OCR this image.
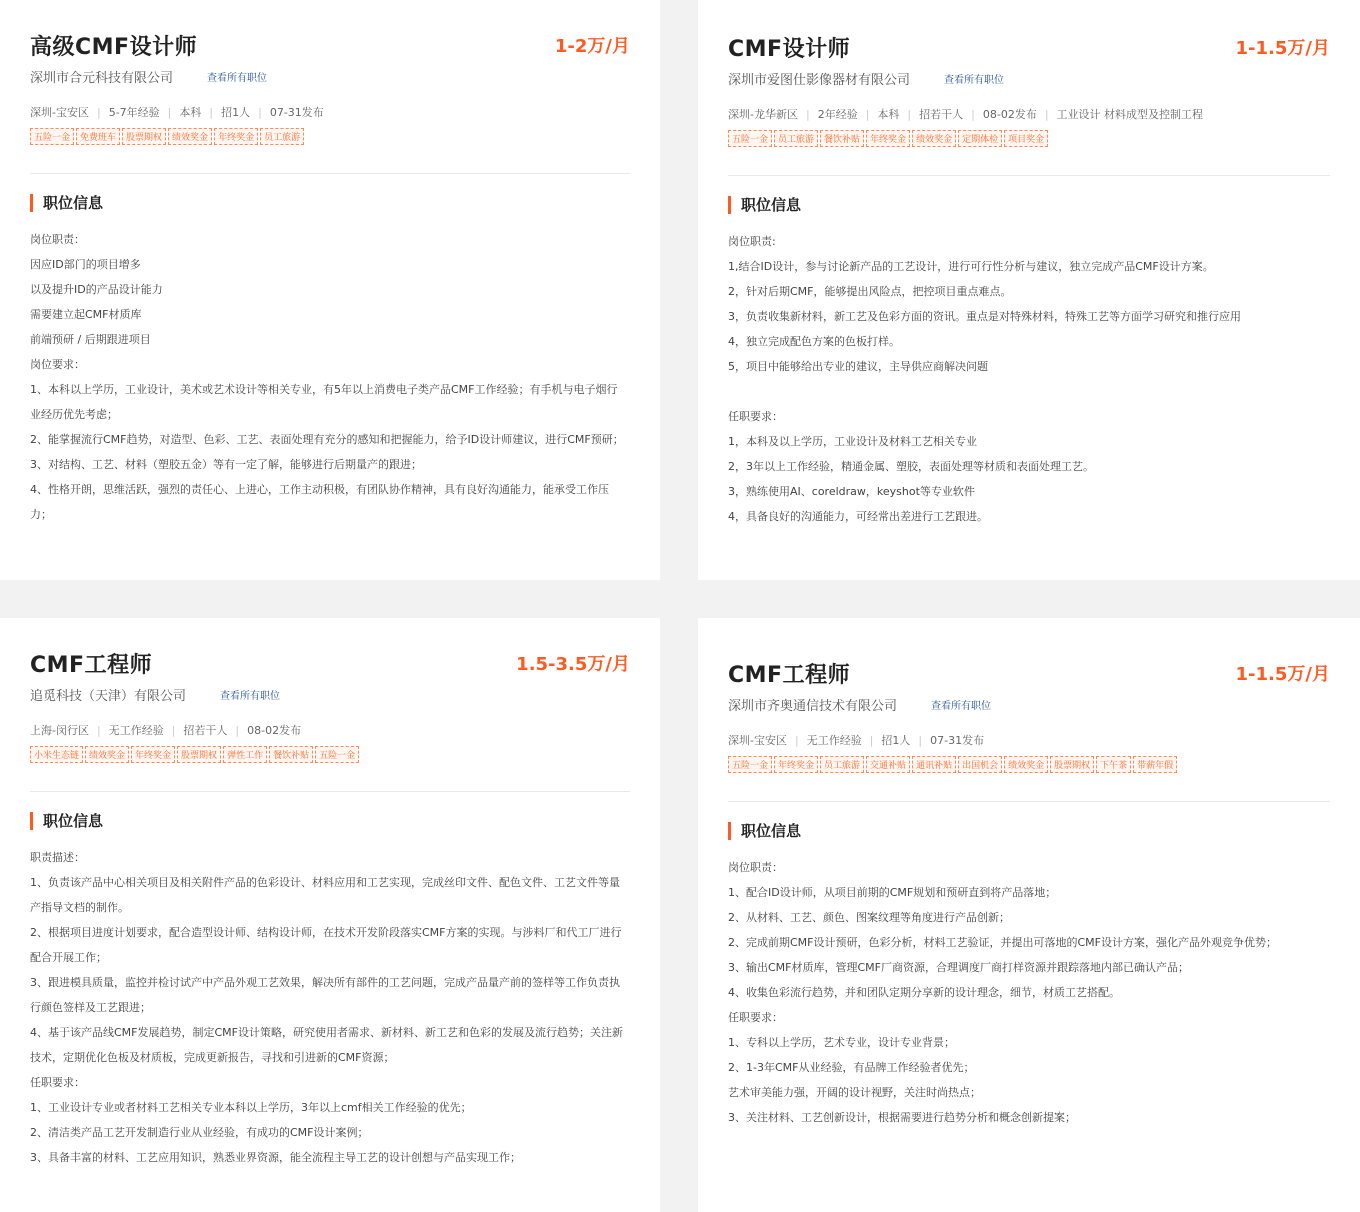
高级CMF设计师	1-2万/月
深圳市合元科技有限公司	查看所有职位
深圳-宝安区 | 5-7年经验 | 本科 | 招1人 | 07-31发布
五险一金	免费班车	股票期权	绩效奖金	年终奖金	员工旅游
职位信息

岗位职责：

因应ID部门的项目增多

以及提升ID的产品设计能力

需要建立起CMF材质库

前端预研 / 后期跟进项目

岗位要求：

1、本科以上学历，工业设计，美术或艺术设计等相关专业，有5年以上消费电子类产品CMF工作经验；有手机与电子烟行业经历优先考虑；

2、能掌握流行CMF趋势，对造型、色彩、工艺、表面处理有充分的感知和把握能力，给予ID设计师建议，进行CMF预研；

3、对结构、工艺、材料（塑胶五金）等有一定了解，能够进行后期量产的跟进；

4、性格开朗，思维活跃，强烈的责任心、上进心，工作主动积极，有团队协作精神，具有良好沟通能力，能承受工作压力；

CMF设计师	1-1.5万/月
深圳市爱图仕影像器材有限公司	查看所有职位
深圳-龙华新区 | 2年经验 | 本科 | 招若干人 | 08-02发布 | 工业设计 材料成型及控制工程
五险一金	员工旅游	餐饮补贴	年终奖金	绩效奖金	定期体检	项目奖金
职位信息

岗位职责:

1,结合ID设计，参与讨论新产品的工艺设计，进行可行性分析与建议，独立完成产品CMF设计方案。

2，针对后期CMF，能够提出风险点，把控项目重点难点。

3，负责收集新材料，新工艺及色彩方面的资讯。重点是对特殊材料，特殊工艺等方面学习研究和推行应用

4，独立完成配色方案的色板打样。

5，项目中能够给出专业的建议，主导供应商解决问题

任职要求：

1，本科及以上学历，工业设计及材料工艺相关专业

2，3年以上工作经验，精通金属、塑胶，表面处理等材质和表面处理工艺。

3，熟练使用AI、coreldraw，keyshot等专业软件

4，具备良好的沟通能力，可经常出差进行工艺跟进。

CMF工程师	1.5-3.5万/月
追觅科技（天津）有限公司	查看所有职位
上海-闵行区 | 无工作经验 | 招若干人 | 08-02发布
小米生态链	绩效奖金	年终奖金	股票期权	弹性工作	餐饮补贴	五险一金
职位信息

职责描述：

1、负责该产品中心相关项目及相关附件产品的色彩设计、材料应用和工艺实现，完成丝印文件、配色文件、工艺文件等量产指导文档的制作。

2、根据项目进度计划要求，配合造型设计师、结构设计师，在技术开发阶段落实CMF方案的实现。与涉料厂和代工厂进行配合开展工作；

3、跟进模具质量，监控并检讨试产中产品外观工艺效果，解决所有部件的工艺问题，完成产品量产前的签样等工作负责执行颜色签样及工艺跟进；

4、基于该产品线CMF发展趋势，制定CMF设计策略，研究使用者需求、新材料、新工艺和色彩的发展及流行趋势；关注新技术，定期优化色板及材质板，完成更新报告，寻找和引进新的CMF资源；

任职要求：

1、工业设计专业或者材料工艺相关专业本科以上学历，3年以上cmf相关工作经验的优先；

2、清洁类产品工艺开发制造行业从业经验，有成功的CMF设计案例；

3、具备丰富的材料、工艺应用知识，熟悉业界资源，能全流程主导工艺的设计创想与产品实现工作；

CMF工程师	1-1.5万/月
深圳市齐奥通信技术有限公司	查看所有职位
深圳-宝安区 | 无工作经验 | 招1人 | 07-31发布
五险一金	年终奖金	员工旅游	交通补贴	通讯补贴	出国机会	绩效奖金	股票期权	下午茶	带薪年假
职位信息

岗位职责：

1、配合ID设计师，从项目前期的CMF规划和预研直到将产品落地；

2、从材料、工艺、颜色、图案纹理等角度进行产品创新；

2、完成前期CMF设计预研，色彩分析，材料工艺验证，并提出可落地的CMF设计方案，强化产品外观竞争优势；

3、输出CMF材质库，管理CMF厂商资源，合理调度厂商打样资源并跟踪落地内部已确认产品；

4、收集色彩流行趋势，并和团队定期分享新的设计理念，细节，材质工艺搭配。

任职要求：

1、专科以上学历，艺术专业，设计专业背景；

2、1-3年CMF从业经验，有品牌工作经验者优先；

艺术审美能力强，开阔的设计视野，关注时尚热点；

3、关注材料、工艺创新设计，根据需要进行趋势分析和概念创新提案；
